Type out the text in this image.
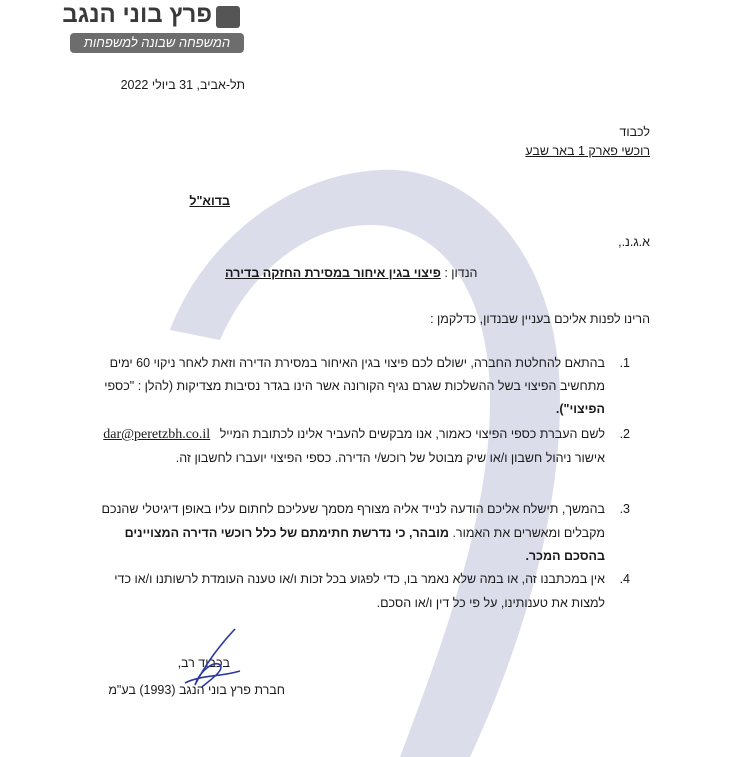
פרץ בוני הנגב
המשפחה שבונה למשפחות
תל-אביב, 31 ביולי 2022
לכבוד
רוכשי פארק 1 באר שבע
בדוא"ל
א.ג.נ.,
הנדון : פיצוי בגין איחור במסירת החזקה בדירה
הרינו לפנות אליכם בעניין שבנדון, כדלקמן :
.1
בהתאם להחלטת החברה, ישולם לכם פיצוי בגין האיחור במסירת הדירה וזאת לאחר ניקוי 60 ימים
מתחשיב הפיצוי בשל ההשלכות שגרם נגיף הקורונה אשר הינו בגדר נסיבות מצדיקות (להלן : "כספי
הפיצוי").
.2
לשם העברת כספי הפיצוי כאמור, אנו מבקשים להעביר אלינו לכתובת המייל dar@peretzbh.co.il
אישור ניהול חשבון ו/או שיק מבוטל של רוכש/י הדירה. כספי הפיצוי יועברו לחשבון זה.
.3
בהמשך, תישלח אליכם הודעה לנייד אליה מצורף מסמך שעליכם לחתום עליו באופן דיגיטלי שהנכם
מקבלים ומאשרים את האמור. מובהר, כי נדרשת חתימתם של כלל רוכשי הדירה המצויינים
בהסכם המכר.
.4
אין במכתבנו זה, או במה שלא נאמר בו, כדי לפגוע בכל זכות ו/או טענה העומדת לרשותנו ו/או כדי
למצות את טענותינו, על פי כל דין ו/או הסכם.
בכבוד רב,
חברת פרץ בוני הנגב (1993) בע"מ
